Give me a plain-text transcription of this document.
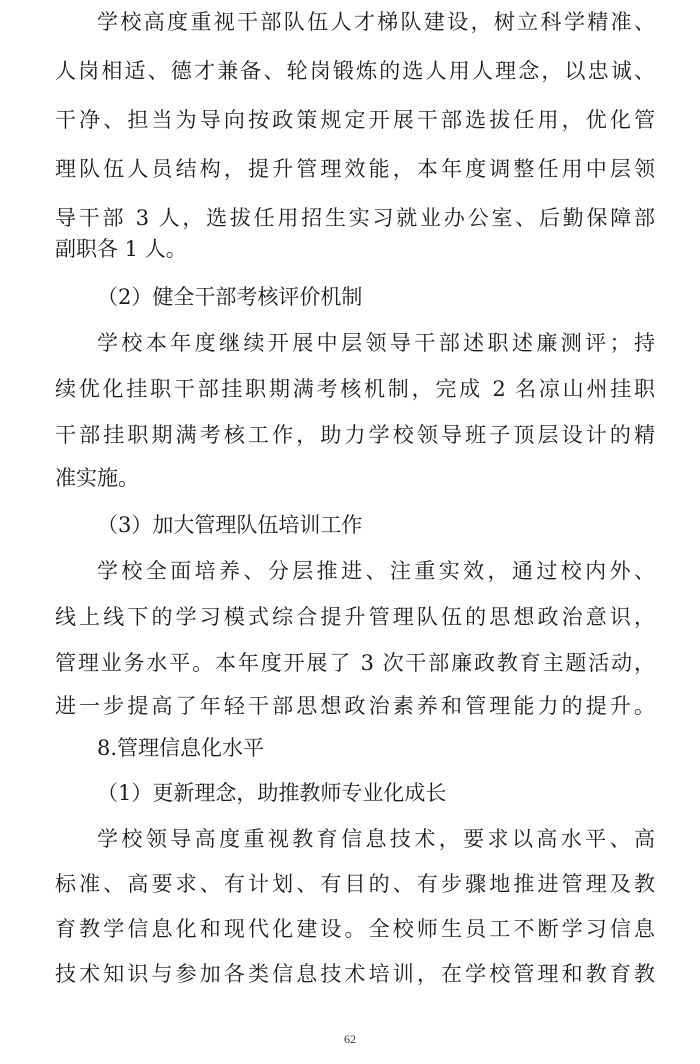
学校高度重视干部队伍人才梯队建设，树立科学精准、
人岗相适、德才兼备、轮岗锻炼的选人用人理念，以忠诚、
干净、担当为导向按政策规定开展干部选拔任用，优化管
理队伍人员结构，提升管理效能，本年度调整任用中层领
导干部 3 人，选拔任用招生实习就业办公室、后勤保障部
副职各 1 人。
（2）健全干部考核评价机制
学校本年度继续开展中层领导干部述职述廉测评；持
续优化挂职干部挂职期满考核机制，完成 2 名凉山州挂职
干部挂职期满考核工作，助力学校领导班子顶层设计的精
准实施。
（3）加大管理队伍培训工作
学校全面培养、分层推进、注重实效，通过校内外、
线上线下的学习模式综合提升管理队伍的思想政治意识，
管理业务水平。本年度开展了 3 次干部廉政教育主题活动，
进一步提高了年轻干部思想政治素养和管理能力的提升。
8.管理信息化水平
（1）更新理念，助推教师专业化成长
学校领导高度重视教育信息技术，要求以高水平、高
标准、高要求、有计划、有目的、有步骤地推进管理及教
育教学信息化和现代化建设。全校师生员工不断学习信息
技术知识与参加各类信息技术培训，在学校管理和教育教
62
